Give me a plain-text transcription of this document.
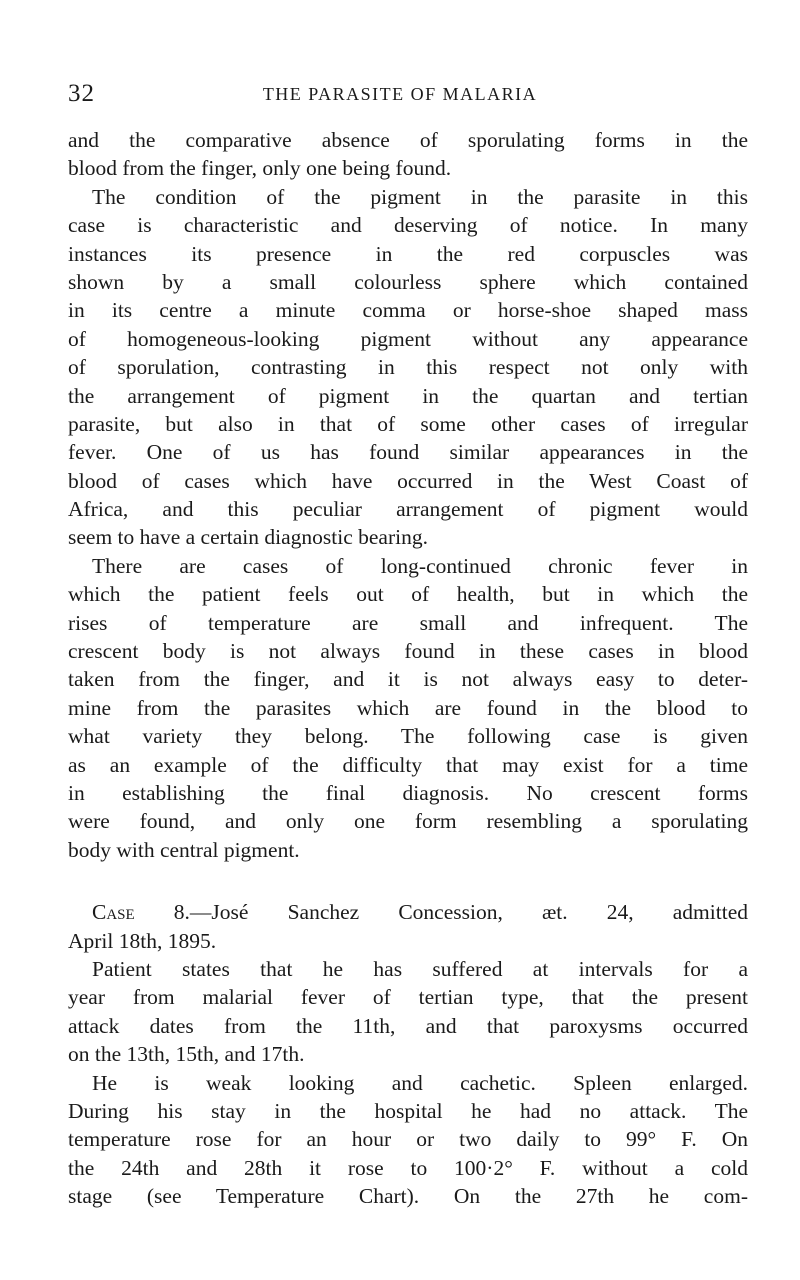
32	THE PARASITE OF MALARIA
and the comparative absence of sporulating forms in the
blood from the finger, only one being found.
The condition of the pigment in the parasite in this
case is characteristic and deserving of notice. In many
instances its presence in the red corpuscles was
shown by a small colourless sphere which contained
in its centre a minute comma or horse-shoe shaped mass
of homogeneous-looking pigment without any appearance
of sporulation, contrasting in this respect not only with
the arrangement of pigment in the quartan and tertian
parasite, but also in that of some other cases of irregular
fever. One of us has found similar appearances in the
blood of cases which have occurred in the West Coast of
Africa, and this peculiar arrangement of pigment would
seem to have a certain diagnostic bearing.
There are cases of long-continued chronic fever in
which the patient feels out of health, but in which the
rises of temperature are small and infrequent. The
crescent body is not always found in these cases in blood
taken from the finger, and it is not always easy to deter-
mine from the parasites which are found in the blood to
what variety they belong. The following case is given
as an example of the difficulty that may exist for a time
in establishing the final diagnosis. No crescent forms
were found, and only one form resembling a sporulating
body with central pigment.
Case 8.—José Sanchez Concession, æt. 24, admitted
April 18th, 1895.
Patient states that he has suffered at intervals for a
year from malarial fever of tertian type, that the present
attack dates from the 11th, and that paroxysms occurred
on the 13th, 15th, and 17th.
He is weak looking and cachetic. Spleen enlarged.
During his stay in the hospital he had no attack. The
temperature rose for an hour or two daily to 99° F. On
the 24th and 28th it rose to 100·2° F. without a cold
stage (see Temperature Chart). On the 27th he com-
